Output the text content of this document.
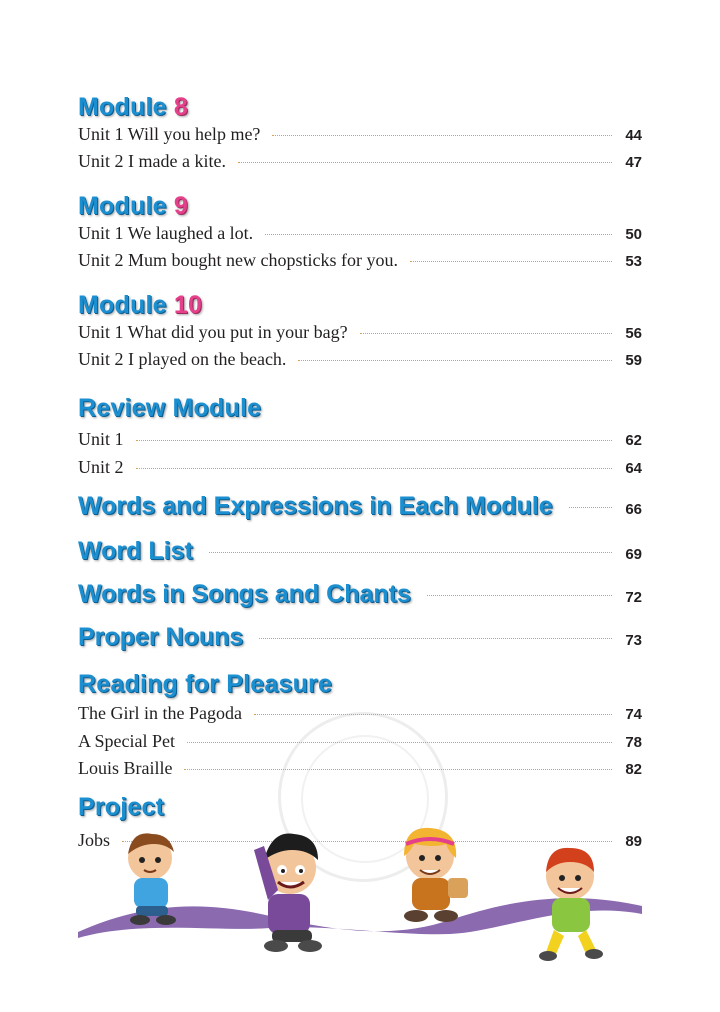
Module 8
Unit 1 Will you help me?	44
Unit 2 I made a kite.	47
Module 9
Unit 1 We laughed a lot.	50
Unit 2 Mum bought new chopsticks for you.	53
Module 10
Unit 1 What did you put in your bag?	56
Unit 2 I played on the beach.	59
Review Module
Unit 1	62
Unit 2	64
Words and Expressions in Each Module	66
Word List	69
Words in Songs and Chants	72
Proper Nouns	73
Reading for Pleasure
The Girl in the Pagoda	74
A Special Pet	78
Louis Braille	82
Project
Jobs	89
